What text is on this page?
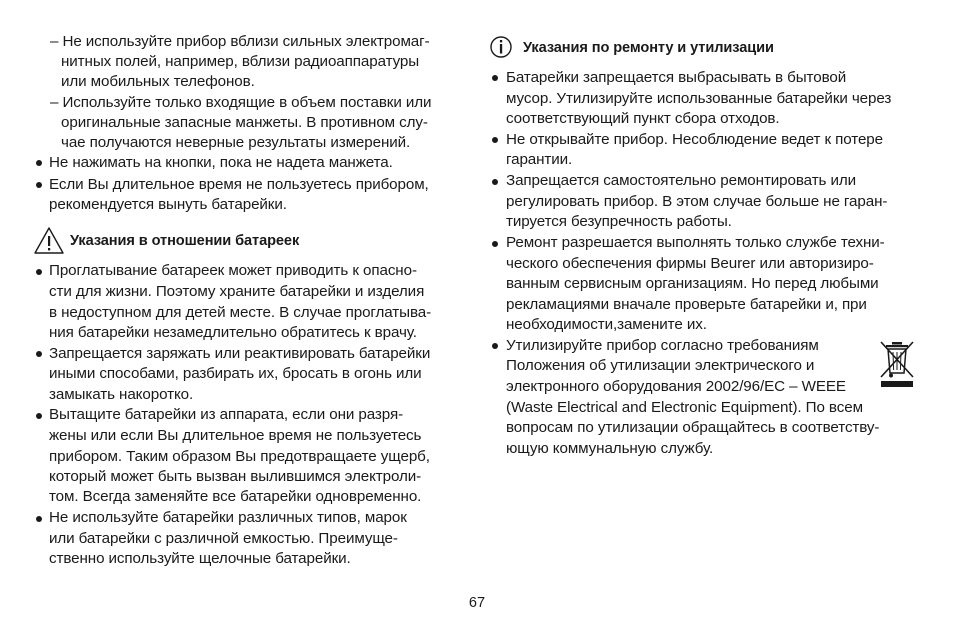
– Не используйте прибор вблизи сильных электромаг-
нитных полей, например, вблизи радиоаппаратуры
или мобильных телефонов.
– Используйте только входящие в объем поставки или
оригинальные запасные манжеты. В противном слу-
чае получаются неверные результаты измерений.
Не нажимать на кнопки, пока не надета манжета.
Если Вы длительное время не пользуетесь прибором,
рекомендуется вынуть батарейки.
Указания в отношении батареек
Проглатывание батареек может приводить к опасно-
сти для жизни. Поэтому храните батарейки и изделия
в недоступном для детей месте. В случае проглатыва-
ния батарейки незамедлительно обратитесь к врачу.
Запрещается заряжать или реактивировать батарейки
иными способами, разбирать их, бросать в огонь или
замыкать накоротко.
Вытащите батарейки из аппарата, если они разря-
жены или если Вы длительное время не пользуетесь
прибором. Таким образом Вы предотвращаете ущерб,
который может быть вызван вылившимся электроли-
том. Всегда заменяйте все батарейки одновременно.
Не используйте батарейки различных типов, марок
или батарейки с различной емкостью. Преимуще-
ственно используйте щелочные батарейки.
Указания по ремонту и утилизации
Батарейки запрещается выбрасывать в бытовой
мусор. Утилизируйте использованные батарейки через
соответствующий пункт сбора отходов.
Не открывайте прибор. Несоблюдение ведет к потере
гарантии.
Запрещается самостоятельно ремонтировать или
регулировать прибор. В этом случае больше не гаран-
тируется безупречность работы.
Ремонт разрешается выполнять только службе техни-
ческого обеспечения фирмы Beurer или авторизиро-
ванным сервисным организациям. Но перед любыми
рекламациями вначале проверьте батарейки и, при
необходимости,замените их.
Утилизируйте прибор согласно требованиям
Положения об утилизации электрического и
электронного оборудования 2002/96/EC – WEEE
(Waste Electrical and Electronic Equipment). По всем
вопросам по утилизации обращайтесь в соответству-
ющую коммунальную службу.
67
